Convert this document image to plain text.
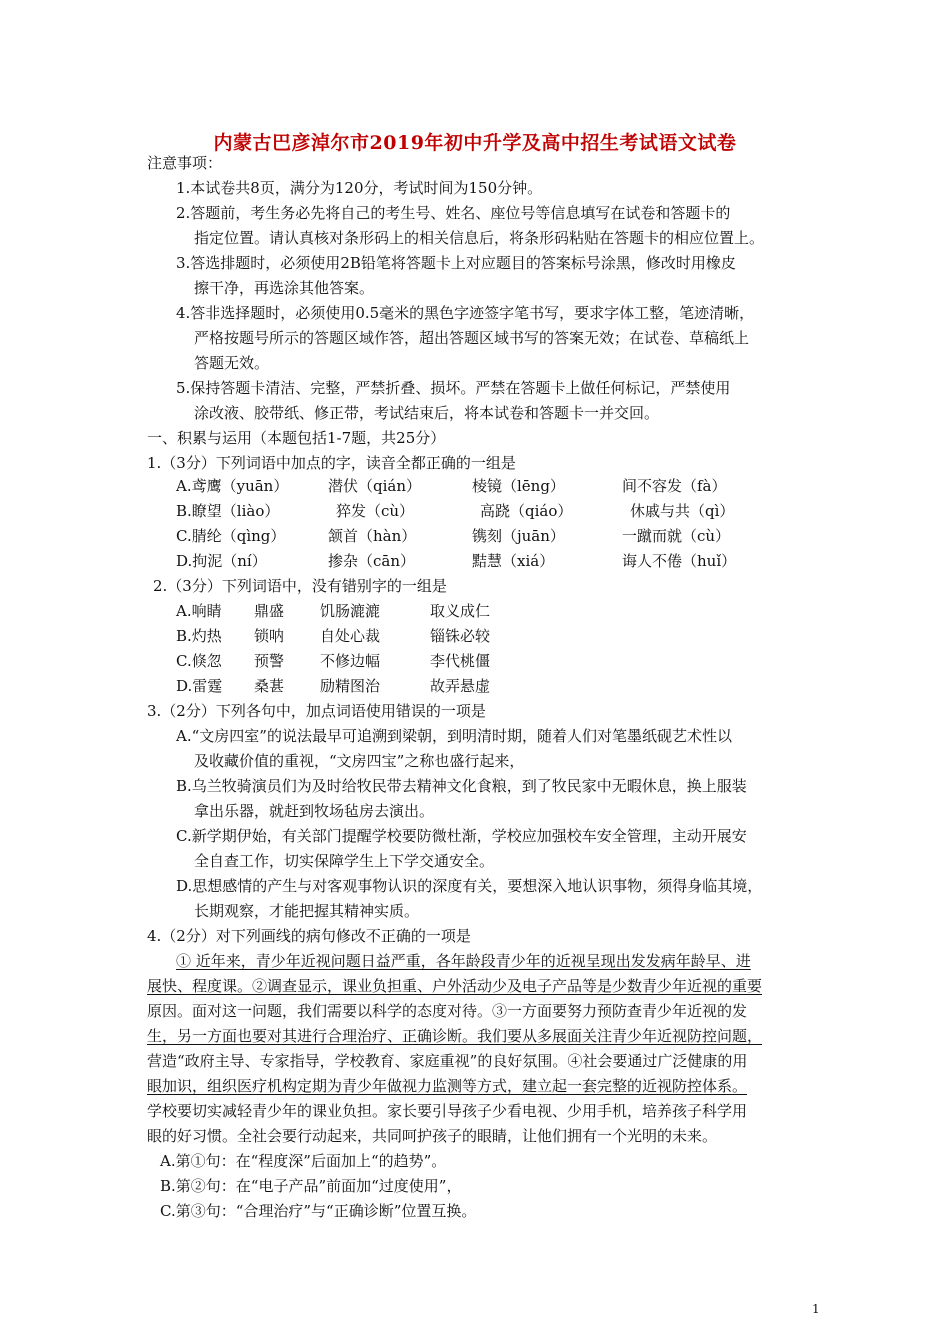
内蒙古巴彦淖尔市2019年初中升学及高中招生考试语文试卷
注意事项：
1.本试卷共8页，满分为120分，考试时间为150分钟。
2.答题前，考生务必先将自己的考生号、姓名、座位号等信息填写在试卷和答题卡的
指定位置。请认真核对条形码上的相关信息后，将条形码粘贴在答题卡的相应位置上。
3.答选排题时，必须使用2B铅笔将答题卡上对应题目的答案标号涂黑，修改时用橡皮
擦干净，再选涂其他答案。
4.答非选择题时，必须使用0.5毫米的黑色字迹签字笔书写，要求字体工整，笔迹清晰，
严格按题号所示的答题区域作答，超出答题区域书写的答案无效；在试卷、草稿纸上
答题无效。
5.保持答题卡清洁、完整，严禁折叠、损坏。严禁在答题卡上做任何标记，严禁使用
涂改液、胶带纸、修正带，考试结束后，将本试卷和答题卡一并交回。
一、积累与运用（本题包括1-7题，共25分）
1.（3分）下列词语中加点的字，读音全都正确的一组是
A.鸢鹰（yuān）	潜伏（qián）	棱镜（lēng）	间不容发（fà）
B.瞭望（liào）	猝发（cù）	高跷（qiáo）	休戚与共（qì）
C.腈纶（qìng）	颔首（hàn）	镌刻（juān）	一蹴而就（cù）
D.拘泥（ní）	掺杂（cān）	黠慧（xiá）	诲人不倦（huǐ）
2.（3分）下列词语中，没有错别字的一组是
A.响睛 鼎盛 饥肠漉漉	取义成仁
B.灼热 锁呐 自处心裁	锱铢必较
C.倏忽 预警 不修边幅	李代桃僵
D.雷霆 桑葚 励精图治	故弄悬虚
3.（2分）下列各句中，加点词语使用错误的一项是
A.“文房四室”的说法最早可追溯到梁朝，到明清时期，随着人们对笔墨纸砚艺术性以
及收藏价值的重视，“文房四宝”之称也盛行起来，
B.乌兰牧骑演员们为及时给牧民带去精神文化食粮，到了牧民家中无暇休息，换上服装
拿出乐器，就赶到牧场毡房去演出。
C.新学期伊始，有关部门提醒学校要防微杜渐，学校应加强校车安全管理，主动开展安
全自查工作，切实保障学生上下学交通安全。
D.思想感情的产生与对客观事物认识的深度有关，要想深入地认识事物，须得身临其境，
长期观察，才能把握其精神实质。
4.（2分）对下列画线的病句修改不正确的一项是
① 近年来，青少年近视问题日益严重，各年龄段青少年的近视呈现出发发病年龄早、进
展快、程度课。②调查显示，课业负担重、户外活动少及电子产品等是少数青少年近视的重要
原因。面对这一问题，我们需要以科学的态度对待。③一方面要努力预防查青少年近视的发
生，另一方面也要对其进行合理治疗、正确诊断。我们要从多展面关注青少年近视防控问题，
营造“政府主导、专家指导，学校教育、家庭重视”的良好氛围。④社会要通过广泛健康的用
眼加识，组织医疗机构定期为青少年做视力监测等方式，建立起一套完整的近视防控体系。
学校要切实减轻青少年的课业负担。家长要引导孩子少看电视、少用手机，培养孩子科学用
眼的好习惯。全社会要行动起来，共同呵护孩子的眼睛，让他们拥有一个光明的未来。
A.第①句：在“程度深”后面加上“的趋势”。
B.第②句：在“电子产品”前面加“过度使用”，
C.第③句：“合理治疗”与“正确诊断”位置互换。
1
